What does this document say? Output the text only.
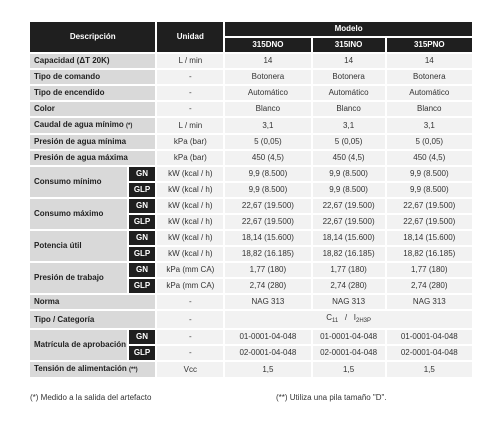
Descripción		Unidad	Modelo		
			315DNO	315INO	315PNO
Capacidad (ΔT 20K)		L / min	14	14	14
Tipo de comando		-	Botonera	Botonera	Botonera
Tipo de encendido		-	Automático	Automático	Automático
Color		-	Blanco	Blanco	Blanco
Caudal de agua mínimo (*)		L / min	3,1	3,1	3,1
Presión de agua mínima		kPa (bar)	5 (0,05)	5 (0,05)	5 (0,05)
Presión de agua máxima		kPa (bar)	450 (4,5)	450 (4,5)	450 (4,5)
Consumo mínimo	GN	kW (kcal / h)	9,9 (8.500)	9,9 (8.500)	9,9 (8.500)
	GLP	kW (kcal / h)	9,9 (8.500)	9,9 (8.500)	9,9 (8.500)
Consumo máximo	GN	kW (kcal / h)	22,67 (19.500)	22,67 (19.500)	22,67 (19.500)
	GLP	kW (kcal / h)	22,67 (19.500)	22,67 (19.500)	22,67 (19.500)
Potencia útil	GN	kW (kcal / h)	18,14 (15.600)	18,14 (15.600)	18,14 (15.600)
	GLP	kW (kcal / h)	18,82 (16.185)	18,82 (16.185)	18,82 (16.185)
Presión de trabajo	GN	kPa (mm CA)	1,77 (180)	1,77 (180)	1,77 (180)
	GLP	kPa (mm CA)	2,74 (280)	2,74 (280)	2,74 (280)
Norma		-	NAG 313	NAG 313	NAG 313
Tipo / Categoría		-	$C_{11} / I_{2H3P}$
Matrícula de aprobación	GN	-	01-0001-04-048	01-0001-04-048	01-0001-04-048
	GLP	-	02-0001-04-048	02-0001-04-048	02-0001-04-048
Tensión de alimentación (**)		Vcc	1,5	1,5	1,5
(*) Medido a la salida del artefacto	(**) Utiliza una pila tamaño "D".
